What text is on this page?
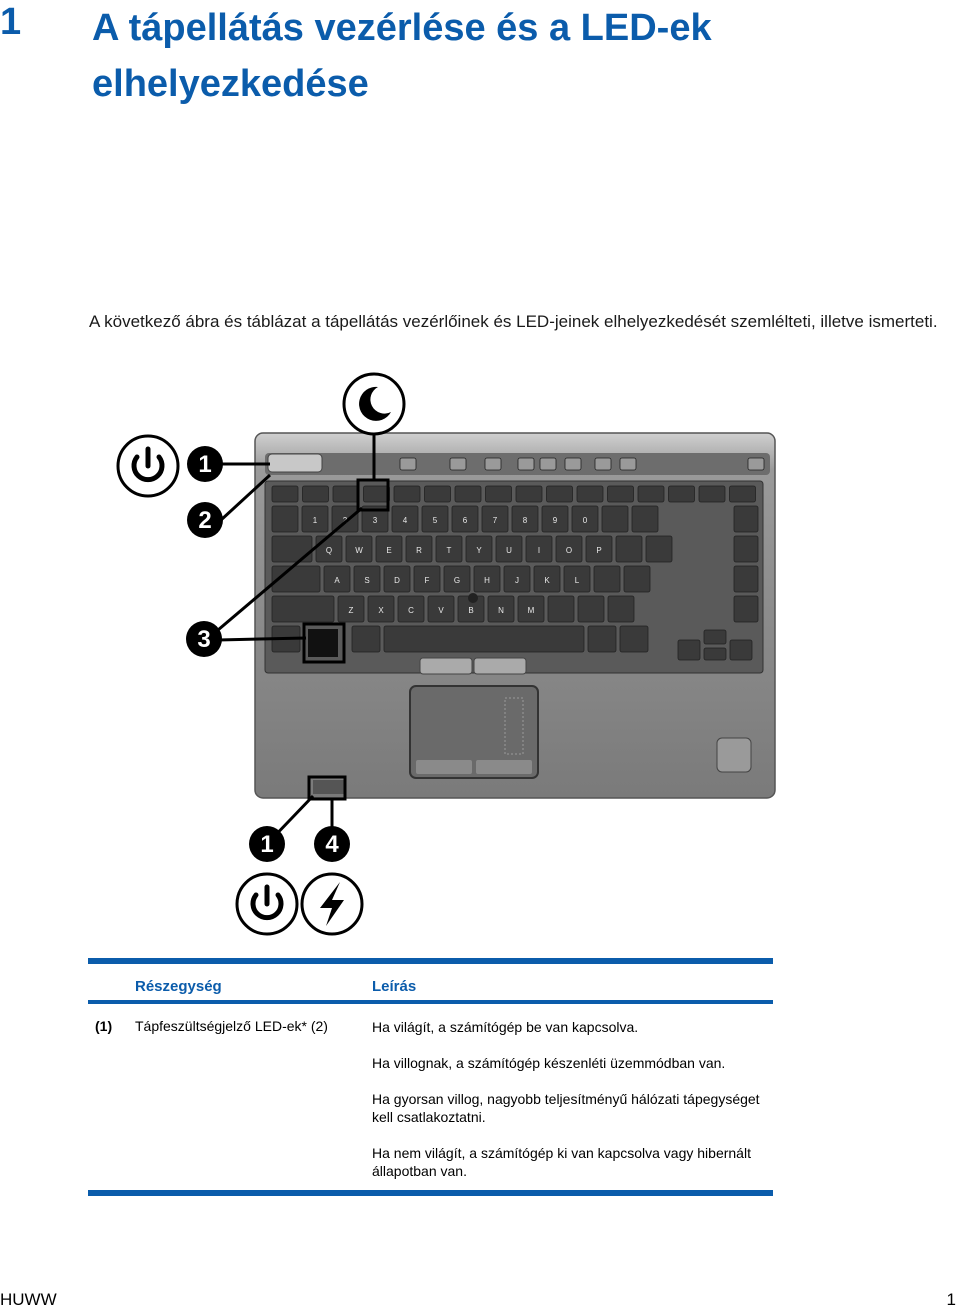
1 A tápellátás vezérlése és a LED-ek elhelyezkedése
A következő ábra és táblázat a tápellátás vezérlőinek és LED-jeinek elhelyezkedését szemlélteti, illetve ismerteti.
1	2	3	4	5	6	7	8	9	0
Q	W	E	R	T	Y	U	I	O	P
A	S	D	F	G	H	J	K	L
Z	X	C	V	B	N	M
1
2
3
1 4
Részegység	Leírás
(1) Tápfeszültségjelző LED-ek* (2)	Ha világít, a számítógép be van kapcsolva.

Ha villognak, a számítógép készenléti üzemmódban van.

Ha gyorsan villog, nagyobb teljesítményű hálózati tápegységet kell csatlakoztatni.

Ha nem világít, a számítógép ki van kapcsolva vagy hibernált állapotban van.

HUWW	1
